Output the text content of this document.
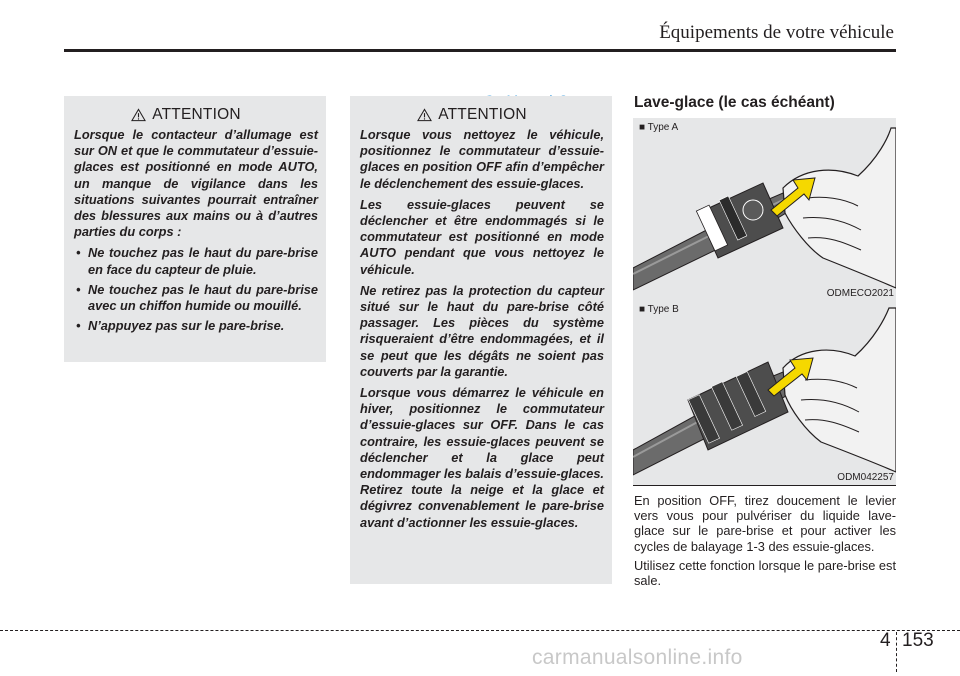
Équipements de votre véhicule
ATTENTION

Lorsque le contacteur d’allumage est sur ON et que le commutateur d’essuie-glaces est positionné en mode AUTO, un manque de vigilance dans les situations suivantes pourrait entraîner des blessures aux mains ou à d’autres parties du corps :

• Ne touchez pas le haut du pare-brise en face du capteur de pluie.
• Ne touchez pas le haut du pare-brise avec un chiffon humide ou mouillé.
• N’appuyez pas sur le pare-brise.
ATTENTION

Lorsque vous nettoyez le véhicule, positionnez le commutateur d’essuie-glaces en position OFF afin d’empêcher le déclenchement des essuie-glaces.

Les essuie-glaces peuvent se déclencher et être endommagés si le commutateur est positionné en mode AUTO pendant que vous nettoyez le véhicule.

Ne retirez pas la protection du capteur situé sur le haut du pare-brise côté passager. Les pièces du système risqueraient d’être endommagées, et il se peut que les dégâts ne soient pas couverts par la garantie.

Lorsque vous démarrez le véhicule en hiver, positionnez le commutateur d’essuie-glaces sur OFF. Dans le cas contraire, les essuie-glaces peuvent se déclencher et la glace peut endommager les balais d’essuie-glaces. Retirez toute la neige et la glace et dégivrez convenablement le pare-brise avant d’actionner les essuie-glaces.

Lave-glace (le cas échéant)
■ Type A
ODMECO2021
■ Type B
ODM042257

En position OFF, tirez doucement le levier vers vous pour pulvériser du liquide lave-glace sur le pare-brise et pour activer les cycles de balayage 1-3 des essuie-glaces.

Utilisez cette fonction lorsque le pare-brise est sale.

4 153
carmanualsonline.info
